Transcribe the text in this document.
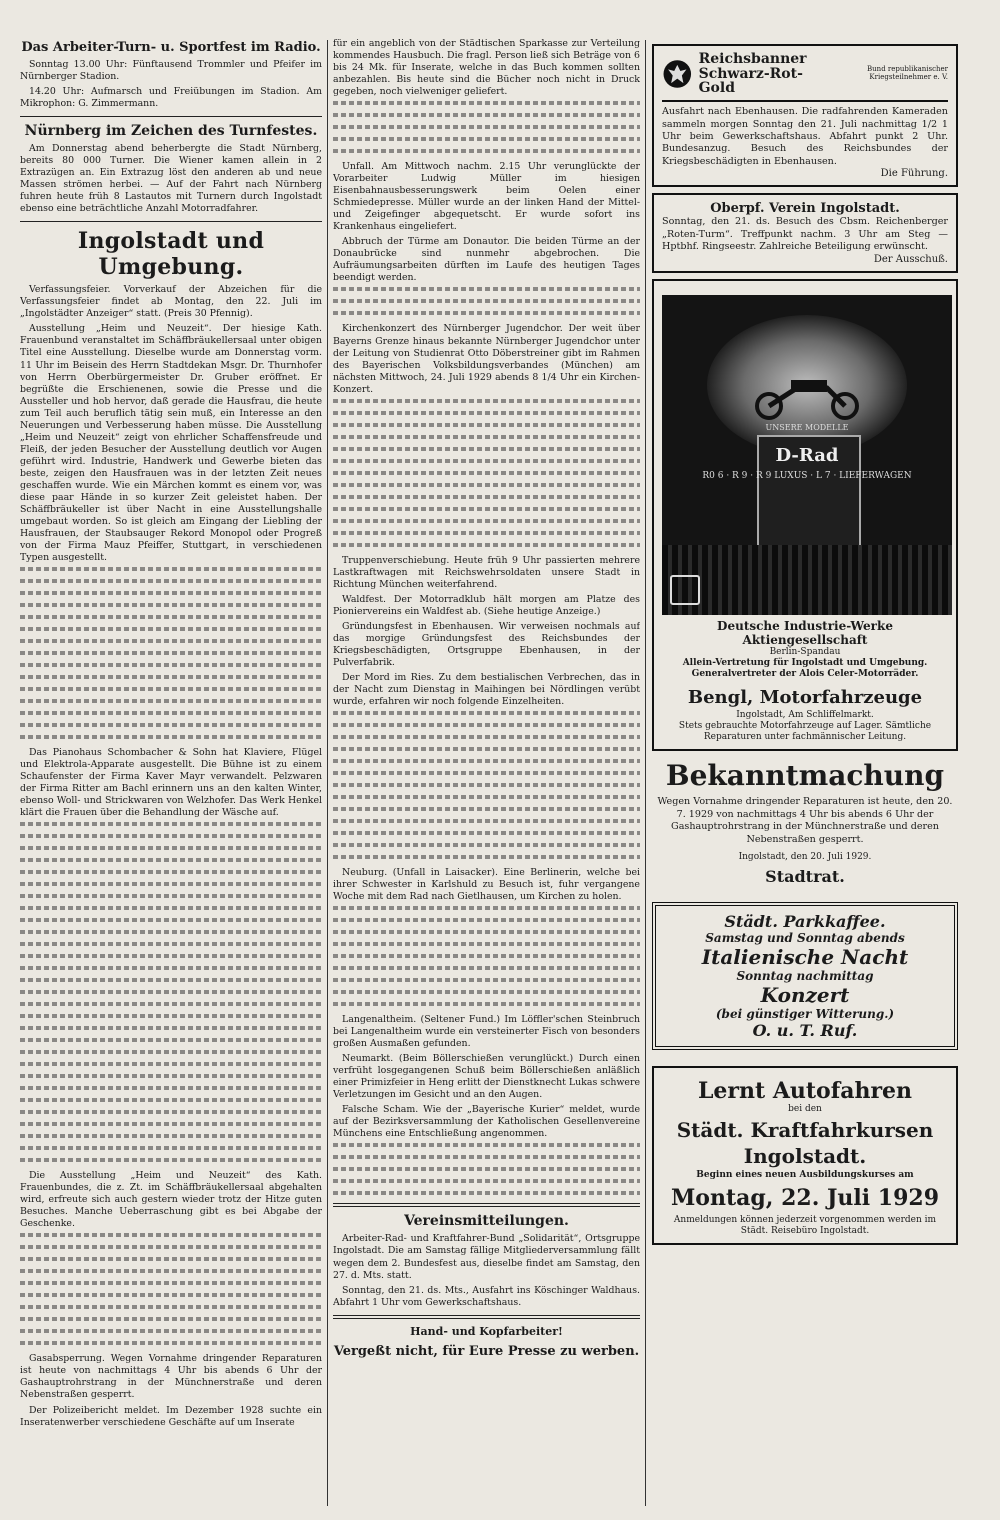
Das Arbeiter-Turn- u. Sportfest im Radio.

Sonntag 13.00 Uhr: Fünftausend Trommler und Pfeifer im Nürnberger Stadion.

14.20 Uhr: Aufmarsch und Freiübungen im Stadion. Am Mikrophon: G. Zimmermann.

Nürnberg im Zeichen des Turnfestes.

Am Donnerstag abend beherbergte die Stadt Nürnberg, bereits 80 000 Turner. Die Wiener kamen allein in 2 Extrazügen an. Ein Extrazug löst den anderen ab und neue Massen strömen herbei. — Auf der Fahrt nach Nürnberg fuhren heute früh 8 Lastautos mit Turnern durch Ingolstadt ebenso eine beträchtliche Anzahl Motorradfahrer.

Ingolstadt und Umgebung.

Verfassungsfeier. Vorverkauf der Abzeichen für die Verfassungsfeier findet ab Montag, den 22. Juli im „Ingolstädter Anzeiger“ statt. (Preis 30 Pfennig).

Ausstellung „Heim und Neuzeit“. Der hiesige Kath. Frauenbund veranstaltet im Schäffbräukellersaal unter obigen Titel eine Ausstellung. Dieselbe wurde am Donnerstag vorm. 11 Uhr im Beisein des Herrn Stadtdekan Msgr. Dr. Thurnhofer von Herrn Oberbürgermeister Dr. Gruber eröffnet. Er begrüßte die Erschienenen, sowie die Presse und die Aussteller und hob hervor, daß gerade die Hausfrau, die heute zum Teil auch beruflich tätig sein muß, ein Interesse an den Neuerungen und Verbesserung haben müsse. Die Ausstellung „Heim und Neuzeit“ zeigt von ehrlicher Schaffensfreude und Fleiß, der jeden Besucher der Ausstellung deutlich vor Augen geführt wird. Industrie, Handwerk und Gewerbe bieten das beste, zeigen den Hausfrauen was in der letzten Zeit neues geschaffen wurde. Wie ein Märchen kommt es einem vor, was diese paar Hände in so kurzer Zeit geleistet haben. Der Schäffbräukeller ist über Nacht in eine Ausstellungshalle umgebaut worden. So ist gleich am Eingang der Liebling der Hausfrauen, der Staubsauger Rekord Monopol oder Progreß von der Firma Mauz Pfeiffer, Stuttgart, in verschiedenen Typen ausgestellt.

Das Pianohaus Schombacher & Sohn hat Klaviere, Flügel und Elektrola-Apparate ausgestellt. Die Bühne ist zu einem Schaufenster der Firma Kaver Mayr verwandelt. Pelzwaren der Firma Ritter am Bachl erinnern uns an den kalten Winter, ebenso Woll- und Strickwaren von Welzhofer. Das Werk Henkel klärt die Frauen über die Behandlung der Wäsche auf.

Die Ausstellung „Heim und Neuzeit“ des Kath. Frauenbundes, die z. Zt. im Schäffbräukellersaal abgehalten wird, erfreute sich auch gestern wieder trotz der Hitze guten Besuches. Manche Ueberraschung gibt es bei Abgabe der Geschenke.

Gasabsperrung. Wegen Vornahme dringender Reparaturen ist heute von nachmittags 4 Uhr bis abends 6 Uhr der Gashauptrohrstrang in der Münchnerstraße und deren Nebenstraßen gesperrt.

Der Polizeibericht meldet. Im Dezember 1928 suchte ein Inseratenwerber verschiedene Geschäfte auf um Inserate

für ein angeblich von der Städtischen Sparkasse zur Verteilung kommendes Hausbuch. Die fragl. Person ließ sich Beträge von 6 bis 24 Mk. für Inserate, welche in das Buch kommen sollten anbezahlen. Bis heute sind die Bücher noch nicht in Druck gegeben, noch vielweniger geliefert.

Unfall. Am Mittwoch nachm. 2.15 Uhr verunglückte der Vorarbeiter Ludwig Müller im hiesigen Eisenbahnausbesserungswerk beim Oelen einer Schmiedepresse. Müller wurde an der linken Hand der Mittel- und Zeigefinger abgequetscht. Er wurde sofort ins Krankenhaus eingeliefert.

Abbruch der Türme am Donautor. Die beiden Türme an der Donaubrücke sind nunmehr abgebrochen. Die Aufräumungsarbeiten dürften im Laufe des heutigen Tages beendigt werden.

Kirchenkonzert des Nürnberger Jugendchor. Der weit über Bayerns Grenze hinaus bekannte Nürnberger Jugendchor unter der Leitung von Studienrat Otto Döberstreiner gibt im Rahmen des Bayerischen Volksbildungsverbandes (München) am nächsten Mittwoch, 24. Juli 1929 abends 8 1/4 Uhr ein Kirchen-Konzert.

Truppenverschiebung. Heute früh 9 Uhr passierten mehrere Lastkraftwagen mit Reichswehrsoldaten unsere Stadt in Richtung München weiterfahrend.

Waldfest. Der Motorradklub hält morgen am Platze des Pioniervereins ein Waldfest ab. (Siehe heutige Anzeige.)

Gründungsfest in Ebenhausen. Wir verweisen nochmals auf das morgige Gründungsfest des Reichsbundes der Kriegsbeschädigten, Ortsgruppe Ebenhausen, in der Pulverfabrik.

Der Mord im Ries. Zu dem bestialischen Verbrechen, das in der Nacht zum Dienstag in Maihingen bei Nördlingen verübt wurde, erfahren wir noch folgende Einzelheiten.

Neuburg. (Unfall in Laisacker). Eine Berlinerin, welche bei ihrer Schwester in Karlshuld zu Besuch ist, fuhr vergangene Woche mit dem Rad nach Gietlhausen, um Kirchen zu holen.

Langenaltheim. (Seltener Fund.) Im Löffler'schen Steinbruch bei Langenaltheim wurde ein versteinerter Fisch von besonders großen Ausmaßen gefunden.

Neumarkt. (Beim Böllerschießen verunglückt.) Durch einen verfrüht losgegangenen Schuß beim Böllerschießen anläßlich einer Primizfeier in Heng erlitt der Dienstknecht Lukas schwere Verletzungen im Gesicht und an den Augen.

Falsche Scham. Wie der „Bayerische Kurier“ meldet, wurde auf der Bezirksversammlung der Katholischen Gesellenvereine Münchens eine Entschließung angenommen.

Vereinsmitteilungen.

Arbeiter-Rad- und Kraftfahrer-Bund „Solidarität“, Ortsgruppe Ingolstadt. Die am Samstag fällige Mitgliederversammlung fällt wegen dem 2. Bundesfest aus, dieselbe findet am Samstag, den 27. d. Mts. statt.

Sonntag, den 21. ds. Mts., Ausfahrt ins Köschinger Waldhaus. Abfahrt 1 Uhr vom Gewerkschaftshaus.

Hand- und Kopfarbeiter!
Vergeßt nicht, für Eure Presse zu werben.
Reichsbanner
Schwarz-Rot-Gold
Bund republikanischer Kriegsteilnehmer e. V.
Ausfahrt nach Ebenhausen. Die radfahrenden Kameraden sammeln morgen Sonntag den 21. Juli nachmittag 1/2 1 Uhr beim Gewerkschaftshaus. Abfahrt punkt 2 Uhr. Bundesanzug. Besuch des Reichsbundes der Kriegsbeschädigten in Ebenhausen.
Die Führung.
Oberpf. Verein Ingolstadt.
Sonntag, den 21. ds. Besuch des Cbsm. Reichenberger „Roten-Turm“. Treffpunkt nachm. 3 Uhr am Steg — Hptbhf. Ringseestr. Zahlreiche Beteiligung erwünscht.
Der Ausschuß.
UNSERE MODELLE
D-Rad
R0 6 · R 9 · R 9 LUXUS · L 7 · LIEFERWAGEN
Deutsche Industrie-Werke Aktiengesellschaft
Berlin-Spandau
Allein-Vertretung für Ingolstadt und Umgebung. Generalvertreter der Alois Celer-Motorräder.
Bengl, Motorfahrzeuge
Ingolstadt, Am Schliffelmarkt.
Stets gebrauchte Motorfahrzeuge auf Lager. Sämtliche Reparaturen unter fachmännischer Leitung.
Bekanntmachung
Wegen Vornahme dringender Reparaturen ist heute, den 20. 7. 1929 von nachmittags 4 Uhr bis abends 6 Uhr der Gashauptrohrstrang in der Münchnerstraße und deren Nebenstraßen gesperrt.
Ingolstadt, den 20. Juli 1929.
Stadtrat.
Städt. Parkkaffee.
Samstag und Sonntag abends
Italienische Nacht
Sonntag nachmittag
Konzert
(bei günstiger Witterung.)
O. u. T. Ruf.
Lernt Autofahren
bei den
Städt. Kraftfahrkursen
Ingolstadt.
Beginn eines neuen Ausbildungskurses am
Montag, 22. Juli 1929
Anmeldungen können jederzeit vorgenommen werden im Städt. Reisebüro Ingolstadt.
